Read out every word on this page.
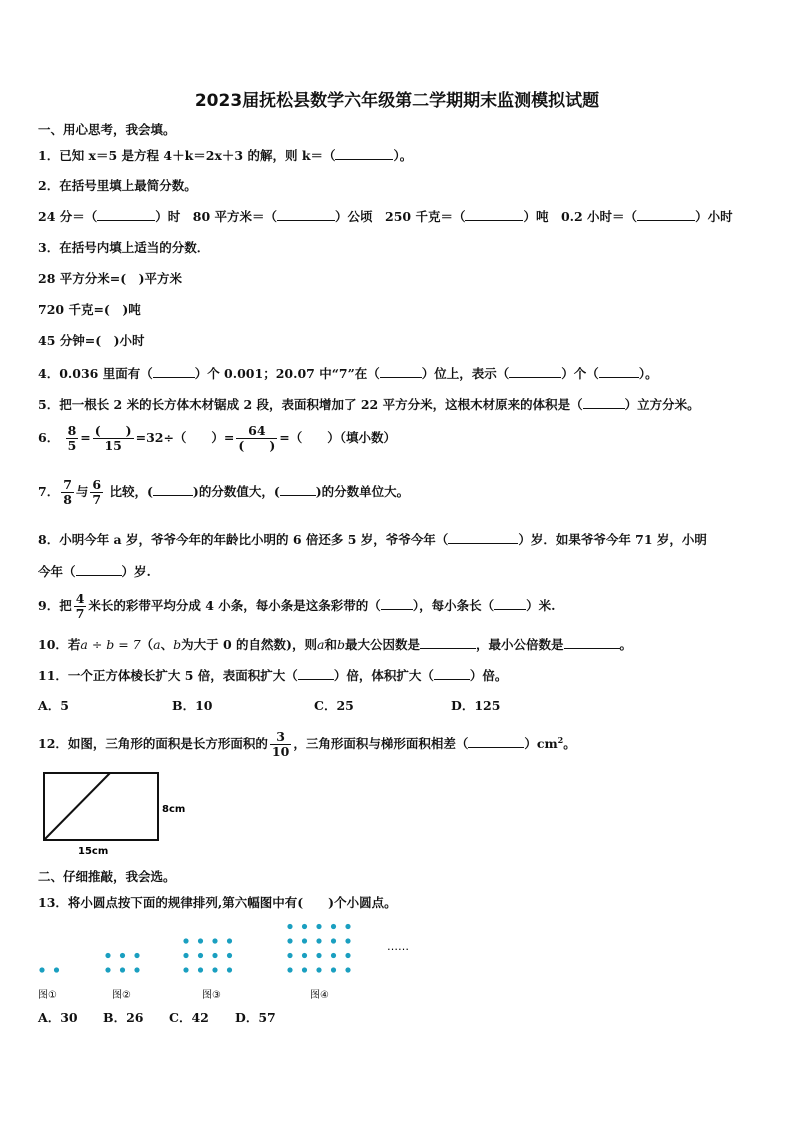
2023届抚松县数学六年级第二学期期末监测模拟试题
一、用心思考，我会填。
1．已知 x＝5 是方程 4＋k＝2x＋3 的解，则 k＝（	）。
2．在括号里填上最简分数。
24 分＝（	）时　80 平方米＝（	）公顷　250 千克＝（	）吨　0.2 小时＝（	）小时
3．在括号内填上适当的分数．
28 平方分米=(　)平方米
720 千克=(　)吨
45 分钟=(　)小时
4．0.036 里面有（	）个 0.001；20.07 中“7”在（	）位上，表示（	）个（	）。
5．把一根长 2 米的长方体木材锯成 2 段，表面积增加了 22 平方分米，这根木材原来的体积是（	）立方分米。
6． $\frac{8}{5} = \frac{( )}{15} =32\div$（　　）= $\frac{64}{( )}$ =（　　）（填小数）
7． $\frac{7}{8}$ 与 $\frac{6}{7}$ 比较，(	)的分数值大，(	)的分数单位大。
8．小明今年 a 岁，爷爷今年的年龄比小明的 6 倍还多 5 岁，爷爷今年（	）岁．如果爷爷今年 71 岁，小明
今年（	）岁.
9．把 $\frac{4}{7}$ 米长的彩带平均分成 4 小条，每小条是这条彩带的（	），每小条长（	）米.
10．若a ÷ b = 7（a、b为大于 0 的自然数)，则a和b最大公因数是	，最小公倍数是	。
11．一个正方体棱长扩大 5 倍，表面积扩大（	）倍，体积扩大（	）倍。
A．5	B．10	C．25	D．125
12．如图，三角形的面积是长方形面积的 $\frac{3}{10}$ ，三角形面积与梯形面积相差（	）$cm^2$。
8cm
15cm
二、仔细推敲，我会选。
13．将小圆点按下面的规律排列,第六幅图中有(　　)个小圆点。
……
图①	图②	图③	图④
A．30 B．26 C．42 D．57
